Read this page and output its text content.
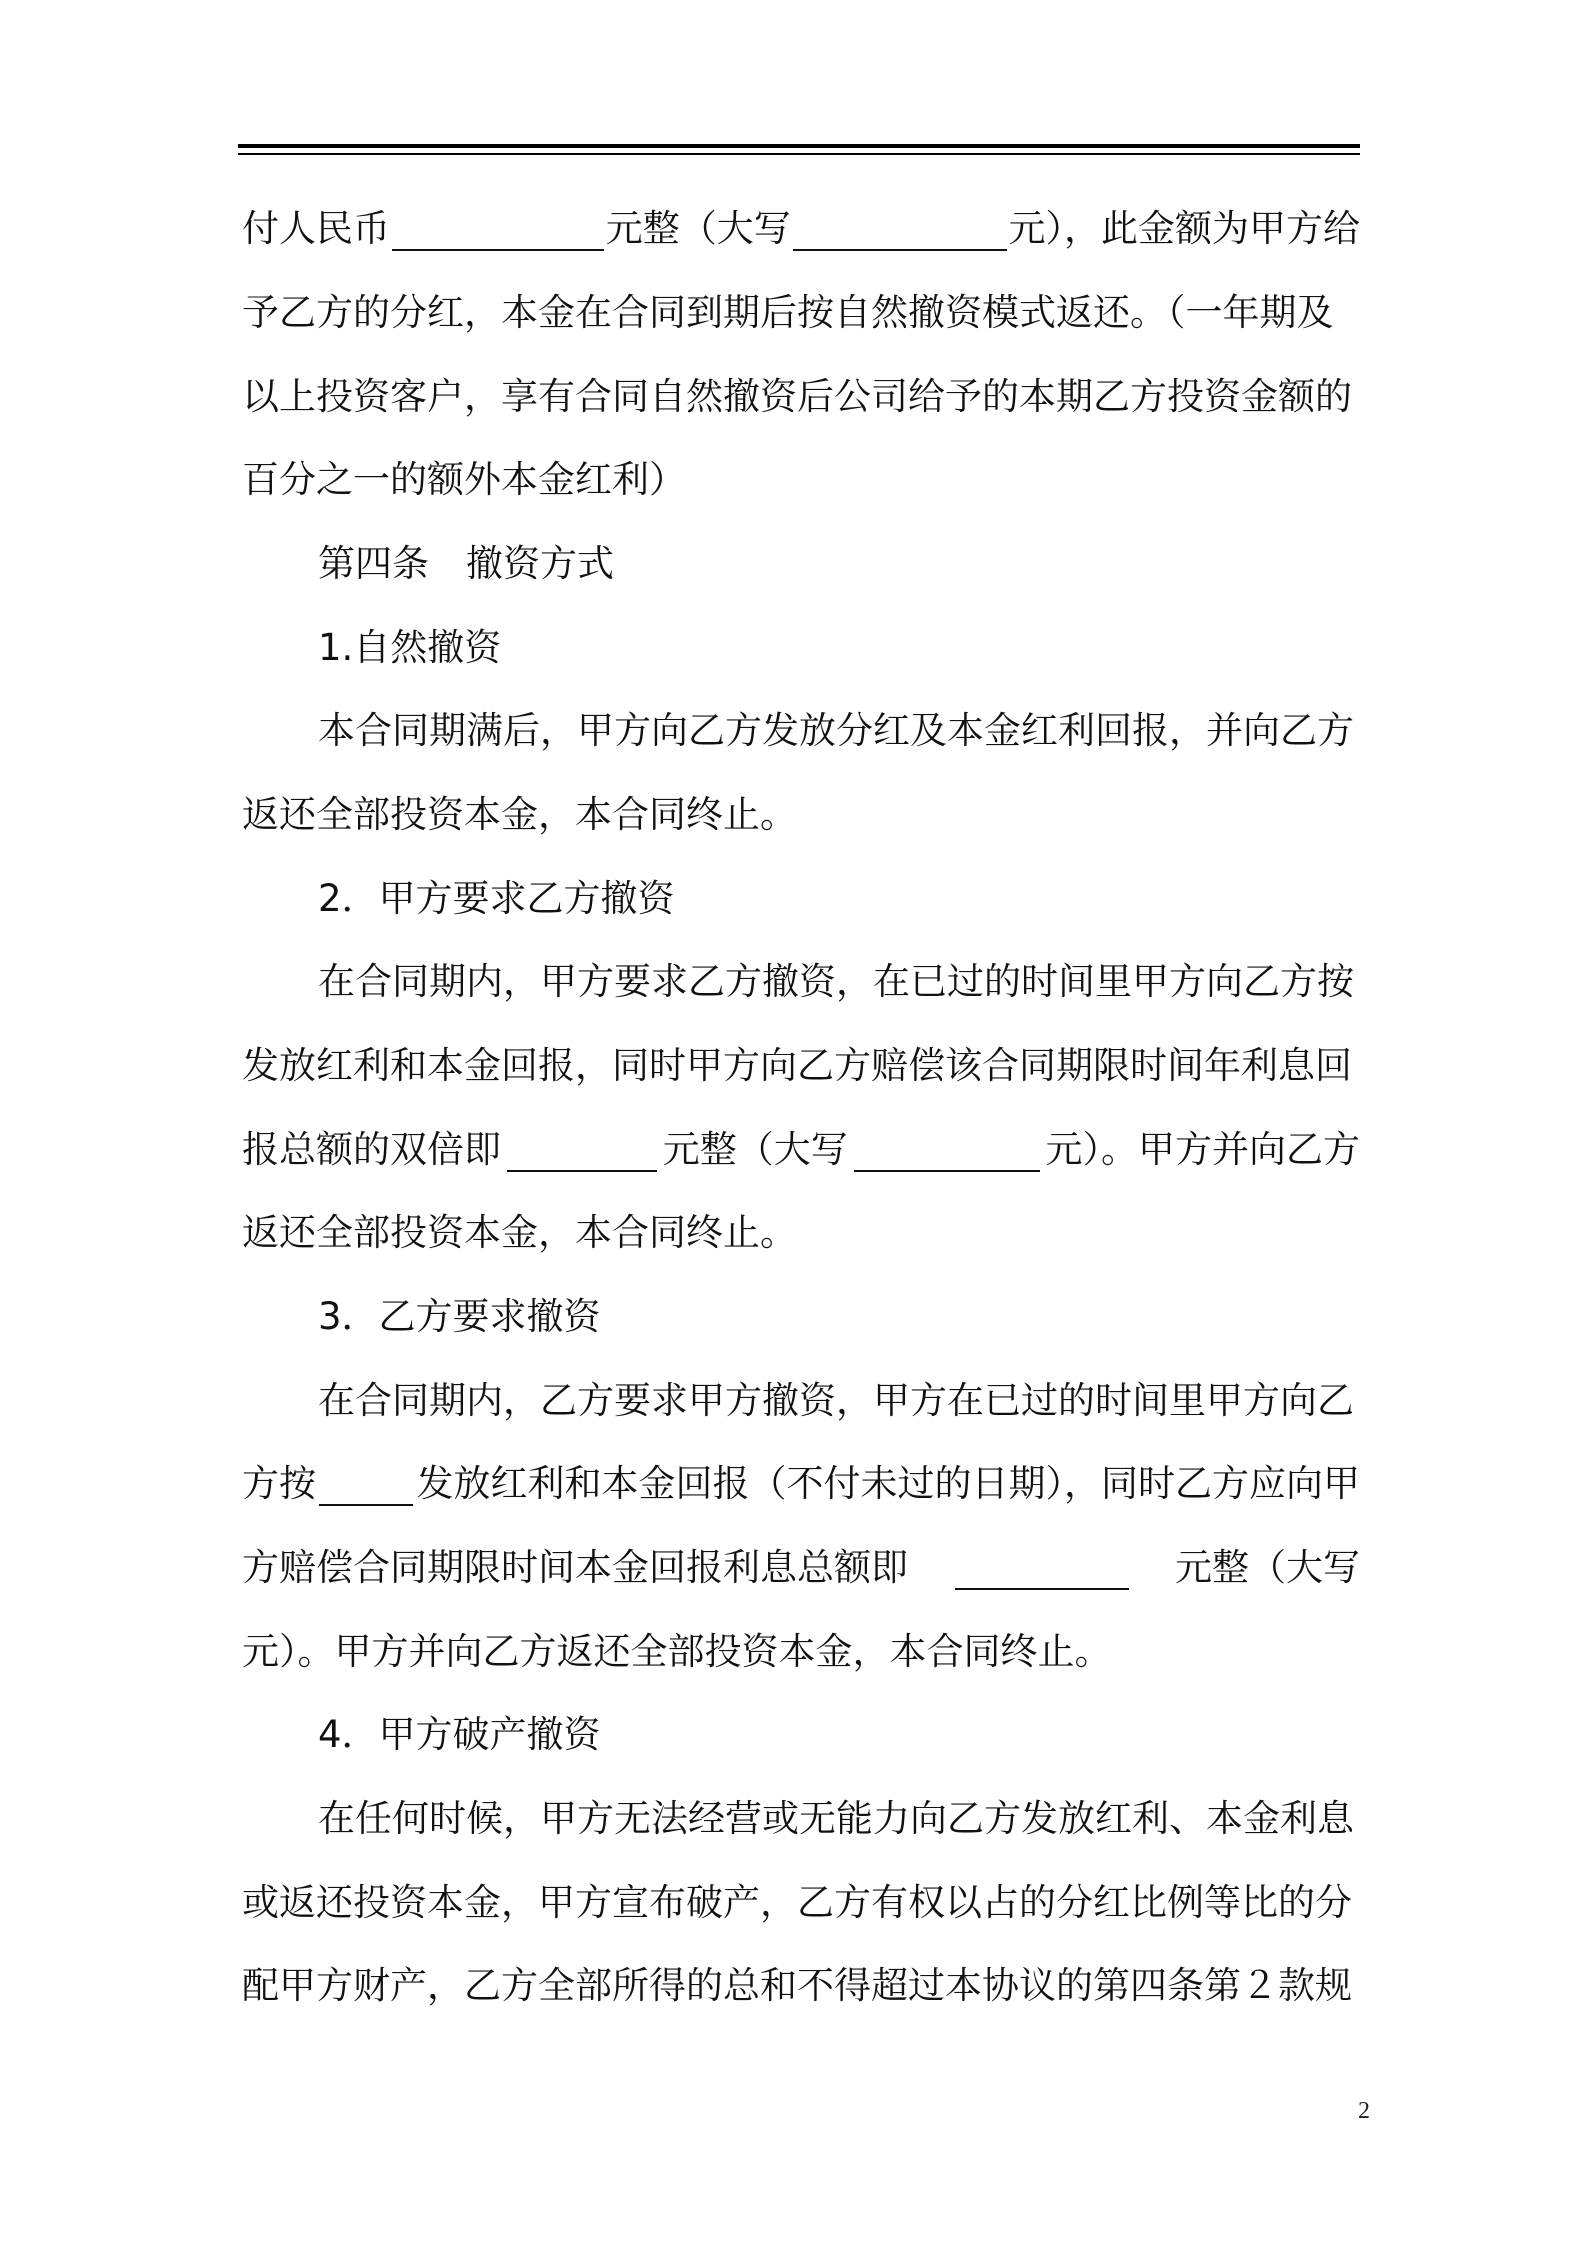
付人民币	元整（大写	元），此金额为甲方给
予乙方的分红，本金在合同到期后按自然撤资模式返还。（一年期及
以上投资客户，享有合同自然撤资后公司给予的本期乙方投资金额的
百分之一的额外本金红利）
第四条　撤资方式
1.自然撤资
本合同期满后，甲方向乙方发放分红及本金红利回报，并向乙方
返还全部投资本金，本合同终止。
2．甲方要求乙方撤资
在合同期内，甲方要求乙方撤资，在已过的时间里甲方向乙方按
发放红利和本金回报，同时甲方向乙方赔偿该合同期限时间年利息回
报总额的双倍即	元整（大写	元）。甲方并向乙方
返还全部投资本金，本合同终止。
3．乙方要求撤资
在合同期内，乙方要求甲方撤资，甲方在已过的时间里甲方向乙
方按	发放红利和本金回报（不付未过的日期），同时乙方应向甲
方赔偿合同期限时间本金回报利息总额即	元整（大写
元）。甲方并向乙方返还全部投资本金，本合同终止。
4．甲方破产撤资
在任何时候，甲方无法经营或无能力向乙方发放红利、本金利息
或返还投资本金，甲方宣布破产，乙方有权以占的分红比例等比的分
配甲方财产，乙方全部所得的总和不得超过本协议的第四条第２款规
2
